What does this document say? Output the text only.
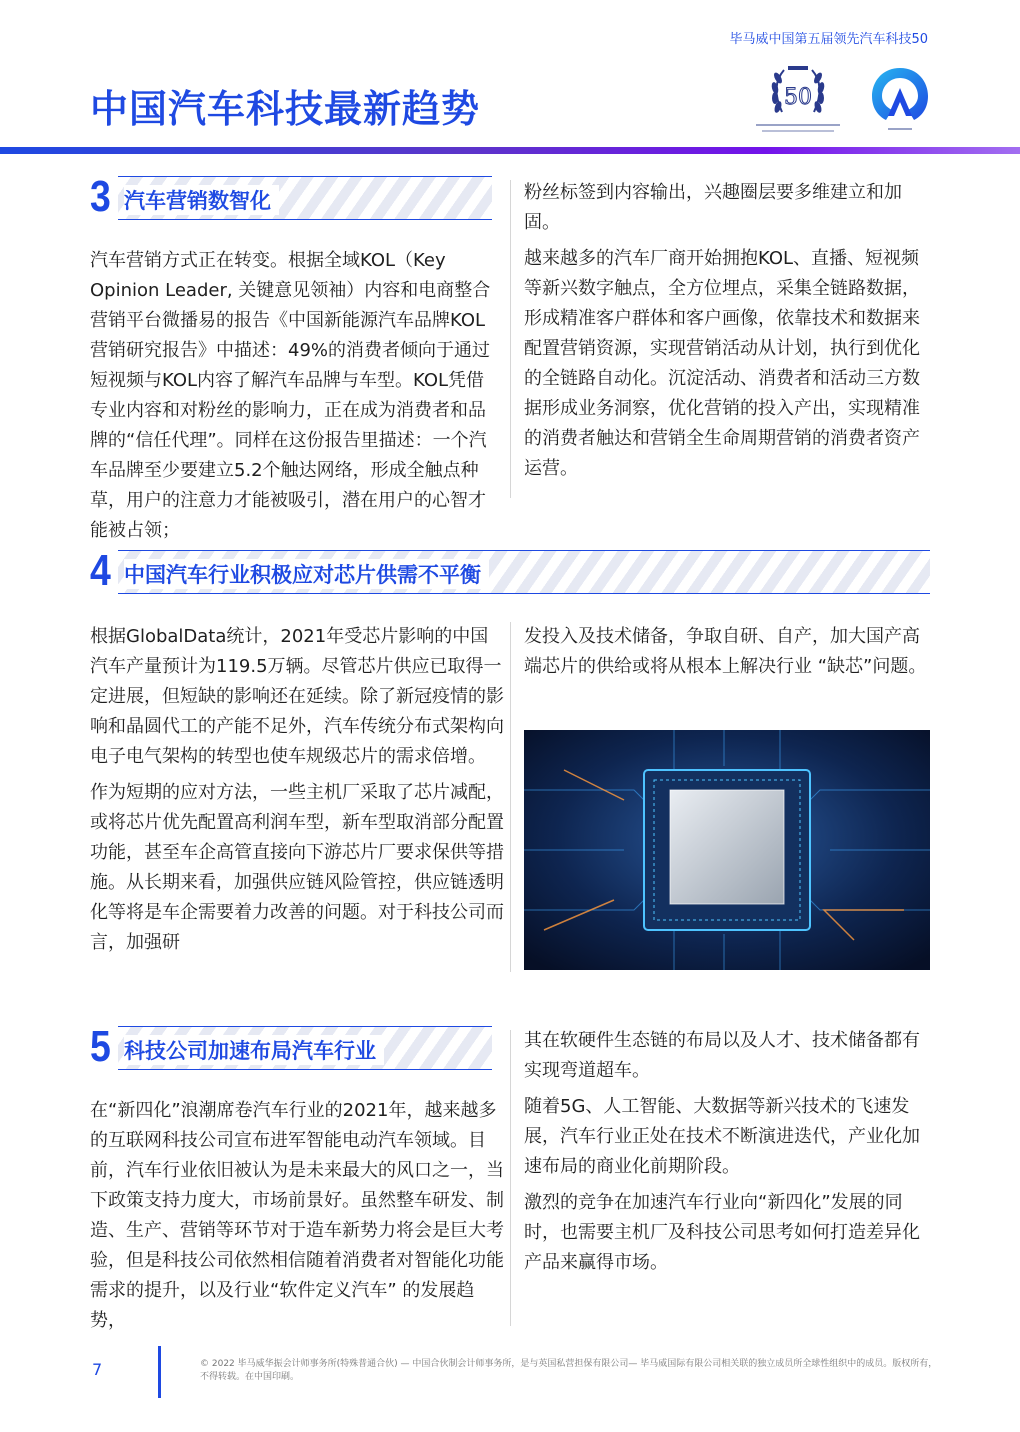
毕马威中国第五届领先汽车科技50
中国汽车科技最新趋势	50
3 汽车营销数智化

汽车营销方式正在转变。根据全域KOL（Key Opinion Leader, 关键意见领袖）内容和电商整合营销平台微播易的报告《中国新能源汽车品牌KOL营销研究报告》中描述：49%的消费者倾向于通过短视频与KOL内容了解汽车品牌与车型。KOL凭借专业内容和对粉丝的影响力，正在成为消费者和品牌的“信任代理”。同样在这份报告里描述：一个汽车品牌至少要建立5.2个触达网络，形成全触点种草，用户的注意力才能被吸引，潜在用户的心智才能被占领；

粉丝标签到内容输出，兴趣圈层要多维建立和加固。

越来越多的汽车厂商开始拥抱KOL、直播、短视频等新兴数字触点，全方位埋点，采集全链路数据，形成精准客户群体和客户画像，依靠技术和数据来配置营销资源，实现营销活动从计划，执行到优化的全链路自动化。沉淀活动、消费者和活动三方数据形成业务洞察，优化营销的投入产出，实现精准的消费者触达和营销全生命周期营销的消费者资产运营。

4 中国汽车行业积极应对芯片供需不平衡

根据GlobalData统计，2021年受芯片影响的中国汽车产量预计为119.5万辆。尽管芯片供应已取得一定进展，但短缺的影响还在延续。除了新冠疫情的影响和晶圆代工的产能不足外，汽车传统分布式架构向电子电气架构的转型也使车规级芯片的需求倍增。

作为短期的应对方法，一些主机厂采取了芯片减配，或将芯片优先配置高利润车型，新车型取消部分配置功能，甚至车企高管直接向下游芯片厂要求保供等措施。从长期来看，加强供应链风险管控，供应链透明化等将是车企需要着力改善的问题。对于科技公司而言，加强研

发投入及技术储备，争取自研、自产，加大国产高端芯片的供给或将从根本上解决行业 “缺芯”问题。

5 科技公司加速布局汽车行业

在“新四化”浪潮席卷汽车行业的2021年，越来越多的互联网科技公司宣布进军智能电动汽车领域。目前，汽车行业依旧被认为是未来最大的风口之一，当下政策支持力度大，市场前景好。虽然整车研发、制造、生产、营销等环节对于造车新势力将会是巨大考验，但是科技公司依然相信随着消费者对智能化功能需求的提升，以及行业“软件定义汽车” 的发展趋势，

其在软硬件生态链的布局以及人才、技术储备都有实现弯道超车。

随着5G、人工智能、大数据等新兴技术的飞速发展，汽车行业正处在技术不断演进迭代，产业化加速布局的商业化前期阶段。

激烈的竞争在加速汽车行业向“新四化”发展的同时，也需要主机厂及科技公司思考如何打造差异化产品来赢得市场。

7	© 2022 毕马威华振会计师事务所(特殊普通合伙) — 中国合伙制会计师事务所，是与英国私营担保有限公司— 毕马威国际有限公司相关联的独立成员所全球性组织中的成员。版权所有，不得转载。在中国印刷。
